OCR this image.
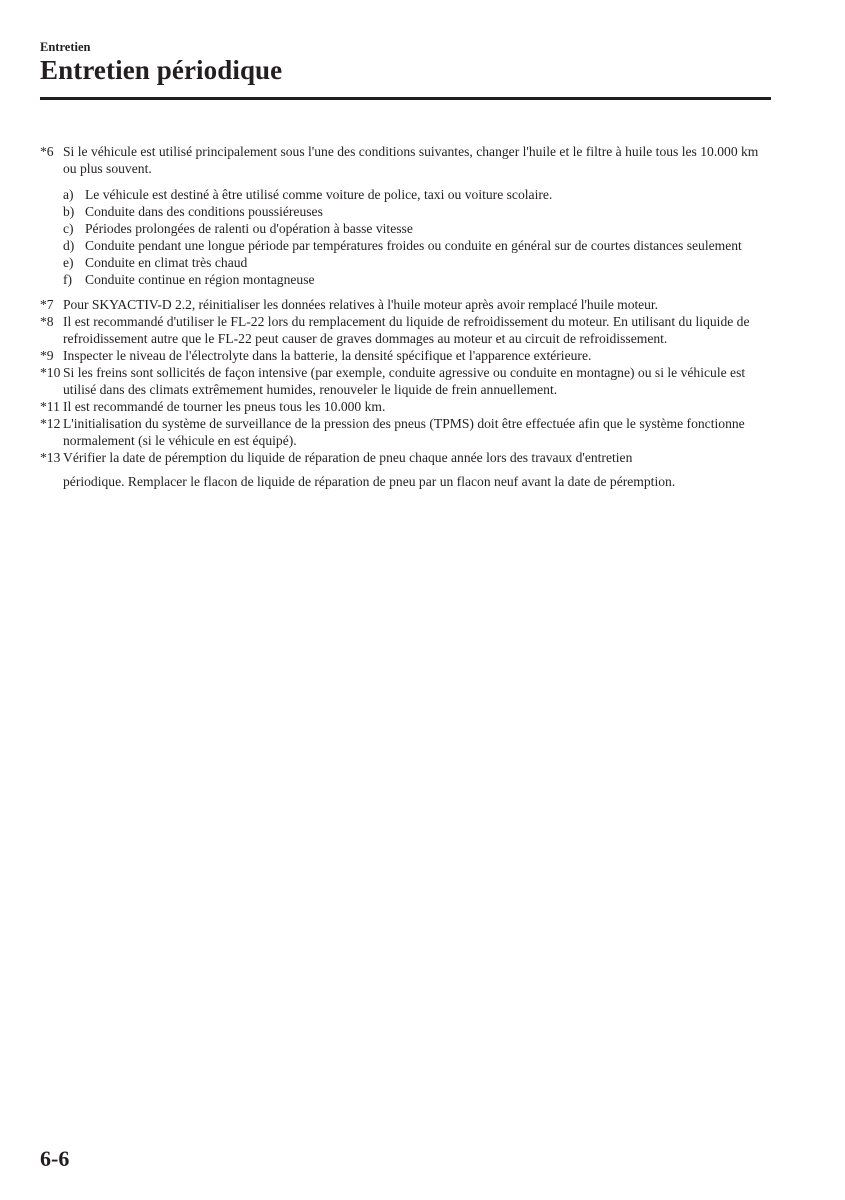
Entretien
Entretien périodique
*6 Si le véhicule est utilisé principalement sous l'une des conditions suivantes, changer l'huile et le filtre à huile tous les 10.000 km ou plus souvent.
a) Le véhicule est destiné à être utilisé comme voiture de police, taxi ou voiture scolaire.
b) Conduite dans des conditions poussiéreuses
c) Périodes prolongées de ralenti ou d'opération à basse vitesse
d) Conduite pendant une longue période par températures froides ou conduite en général sur de courtes distances seulement
e) Conduite en climat très chaud
f) Conduite continue en région montagneuse
*7 Pour SKYACTIV-D 2.2, réinitialiser les données relatives à l'huile moteur après avoir remplacé l'huile moteur.
*8 Il est recommandé d'utiliser le FL-22 lors du remplacement du liquide de refroidissement du moteur. En utilisant du liquide de refroidissement autre que le FL-22 peut causer de graves dommages au moteur et au circuit de refroidissement.
*9 Inspecter le niveau de l'électrolyte dans la batterie, la densité spécifique et l'apparence extérieure.
*10 Si les freins sont sollicités de façon intensive (par exemple, conduite agressive ou conduite en montagne) ou si le véhicule est utilisé dans des climats extrêmement humides, renouveler le liquide de frein annuellement.
*11 Il est recommandé de tourner les pneus tous les 10.000 km.
*12 L'initialisation du système de surveillance de la pression des pneus (TPMS) doit être effectuée afin que le système fonctionne normalement (si le véhicule en est équipé).
*13 Vérifier la date de péremption du liquide de réparation de pneu chaque année lors des travaux d'entretien
périodique. Remplacer le flacon de liquide de réparation de pneu par un flacon neuf avant la date de péremption.
6-6
